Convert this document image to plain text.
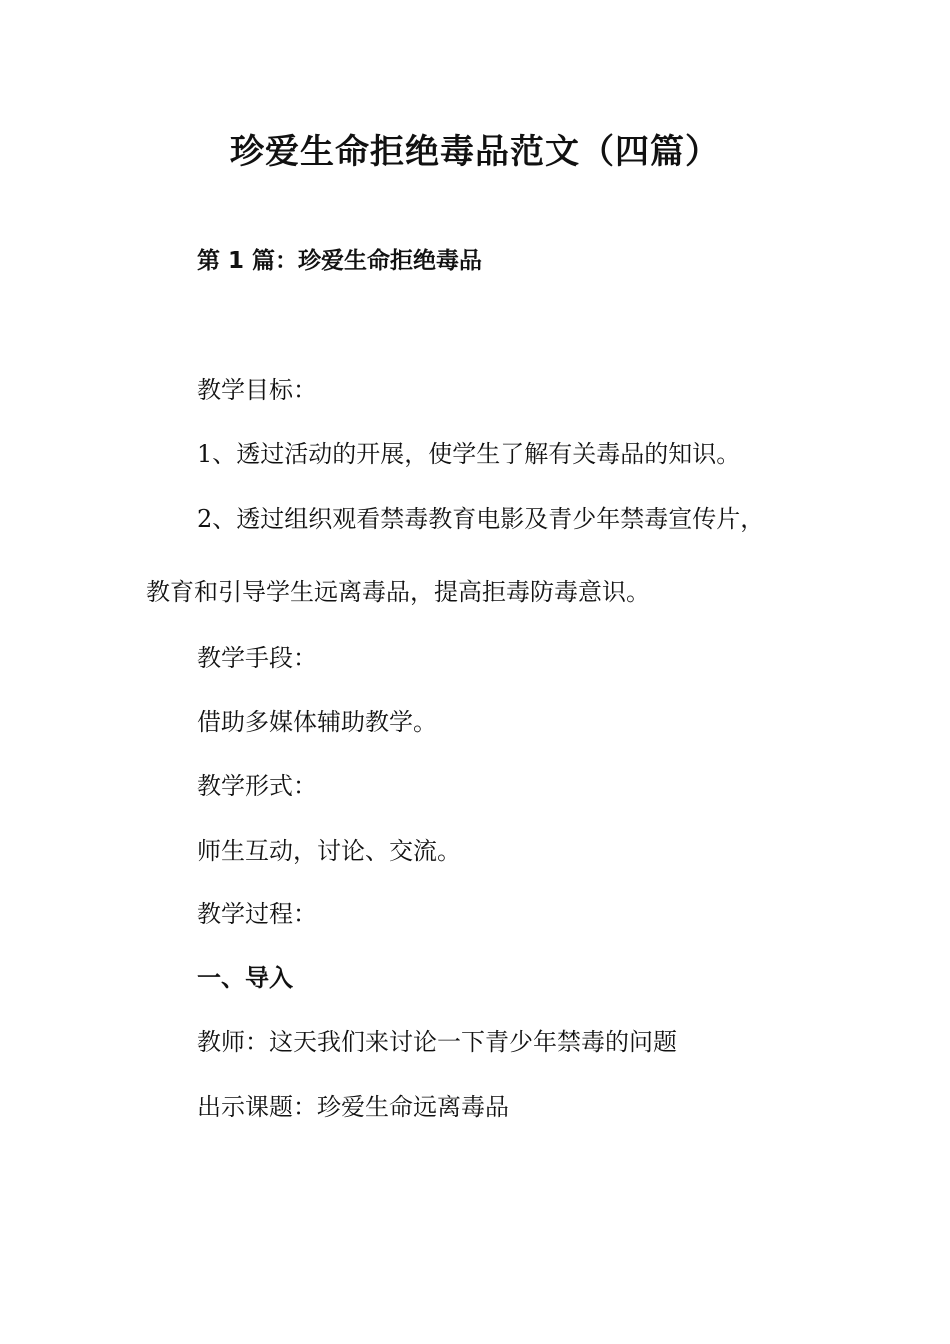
珍爱生命拒绝毒品范文（四篇）

第 1 篇：珍爱生命拒绝毒品

教学目标：

1、透过活动的开展，使学生了解有关毒品的知识。

2、透过组织观看禁毒教育电影及青少年禁毒宣传片，

教育和引导学生远离毒品，提高拒毒防毒意识。

教学手段：

借助多媒体辅助教学。

教学形式：

师生互动，讨论、交流。

教学过程：

一、导入

教师：这天我们来讨论一下青少年禁毒的问题

出示课题：珍爱生命远离毒品
